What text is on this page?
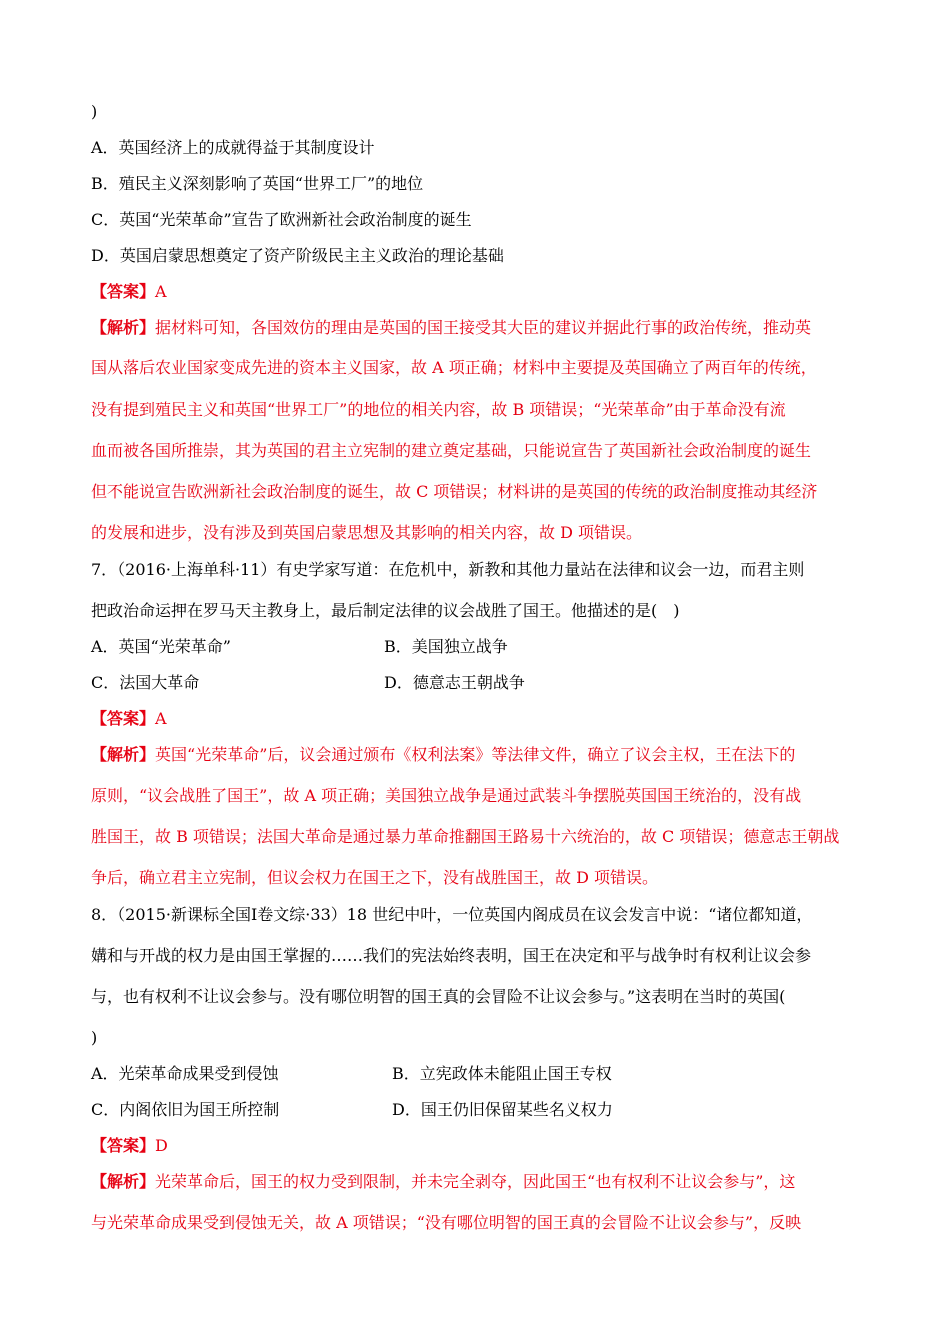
)
A．英国经济上的成就得益于其制度设计
B．殖民主义深刻影响了英国“世界工厂”的地位
C．英国“光荣革命”宣告了欧洲新社会政治制度的诞生
D．英国启蒙思想奠定了资产阶级民主主义政治的理论基础
【答案】A
【解析】据材料可知，各国效仿的理由是英国的国王接受其大臣的建议并据此行事的政治传统，推动英
国从落后农业国家变成先进的资本主义国家，故 A 项正确；材料中主要提及英国确立了两百年的传统，
没有提到殖民主义和英国“世界工厂”的地位的相关内容，故 B 项错误；“光荣革命”由于革命没有流
血而被各国所推崇，其为英国的君主立宪制的建立奠定基础，只能说宣告了英国新社会政治制度的诞生
但不能说宣告欧洲新社会政治制度的诞生，故 C 项错误；材料讲的是英国的传统的政治制度推动其经济
的发展和进步，没有涉及到英国启蒙思想及其影响的相关内容，故 D 项错误。
7．（2016·上海单科·11）有史学家写道：在危机中，新教和其他力量站在法律和议会一边，而君主则
把政治命运押在罗马天主教身上，最后制定法律的议会战胜了国王。他描述的是(　)
A．英国“光荣革命”	B．美国独立战争
C．法国大革命	D．德意志王朝战争
【答案】A
【解析】英国“光荣革命”后，议会通过颁布《权利法案》等法律文件，确立了议会主权，王在法下的
原则，“议会战胜了国王”，故 A 项正确；美国独立战争是通过武装斗争摆脱英国国王统治的，没有战
胜国王，故 B 项错误；法国大革命是通过暴力革命推翻国王路易十六统治的，故 C 项错误；德意志王朝战
争后，确立君主立宪制，但议会权力在国王之下，没有战胜国王，故 D 项错误。
8．（2015·新课标全国Ⅰ卷文综·33）18 世纪中叶，一位英国内阁成员在议会发言中说：“诸位都知道，
媾和与开战的权力是由国王掌握的……我们的宪法始终表明，国王在决定和平与战争时有权利让议会参
与，也有权利不让议会参与。没有哪位明智的国王真的会冒险不让议会参与。”这表明在当时的英国(
)
A．光荣革命成果受到侵蚀	B．立宪政体未能阻止国王专权
C．内阁依旧为国王所控制	D．国王仍旧保留某些名义权力
【答案】D
【解析】光荣革命后，国王的权力受到限制，并未完全剥夺，因此国王“也有权利不让议会参与”，这
与光荣革命成果受到侵蚀无关，故 A 项错误；“没有哪位明智的国王真的会冒险不让议会参与”，反映
